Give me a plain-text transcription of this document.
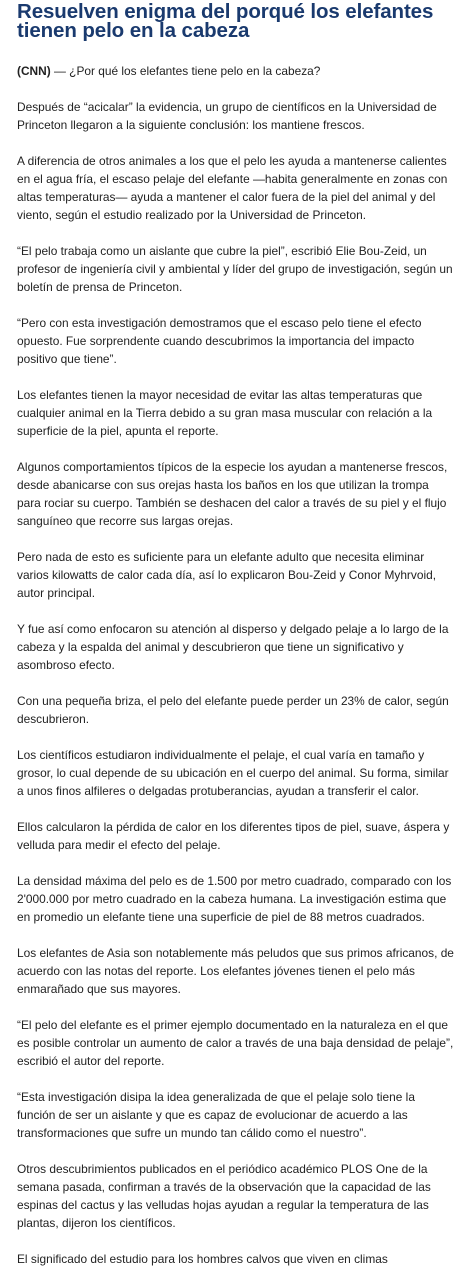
Resuelven enigma del porqué los elefantes tienen pelo en la cabeza

(CNN) — ¿Por qué los elefantes tiene pelo en la cabeza?

Después de “acicalar” la evidencia, un grupo de científicos en la Universidad de Princeton llegaron a la siguiente conclusión: los mantiene frescos.

A diferencia de otros animales a los que el pelo les ayuda a mantenerse calientes en el agua fría, el escaso pelaje del elefante —habita generalmente en zonas con altas temperaturas— ayuda a mantener el calor fuera de la piel del animal y del viento, según el estudio realizado por la Universidad de Princeton.

“El pelo trabaja como un aislante que cubre la piel”, escribió Elie Bou-Zeid, un profesor de ingeniería civil y ambiental y líder del grupo de investigación, según un boletín de prensa de Princeton.

“Pero con esta investigación demostramos que el escaso pelo tiene el efecto opuesto. Fue sorprendente cuando descubrimos la importancia del impacto positivo que tiene”.

Los elefantes tienen la mayor necesidad de evitar las altas temperaturas que cualquier animal en la Tierra debido a su gran masa muscular con relación a la superficie de la piel, apunta el reporte.

Algunos comportamientos típicos de la especie los ayudan a mantenerse frescos, desde abanicarse con sus orejas hasta los baños en los que utilizan la trompa para rociar su cuerpo. También se deshacen del calor a través de su piel y el flujo sanguíneo que recorre sus largas orejas.

Pero nada de esto es suficiente para un elefante adulto que necesita eliminar varios kilowatts de calor cada día, así lo explicaron Bou-Zeid y Conor Myhrvoid, autor principal.

Y fue así como enfocaron su atención al disperso y delgado pelaje a lo largo de la cabeza y la espalda del animal y descubrieron que tiene un significativo y asombroso efecto.

Con una pequeña briza, el pelo del elefante puede perder un 23% de calor, según descubrieron.

Los científicos estudiaron individualmente el pelaje, el cual varía en tamaño y grosor, lo cual depende de su ubicación en el cuerpo del animal. Su forma, similar a unos finos alfileres o delgadas protuberancias, ayudan a transferir el calor.

Ellos calcularon la pérdida de calor en los diferentes tipos de piel, suave, áspera y velluda para medir el efecto del pelaje.

La densidad máxima del pelo es de 1.500 por metro cuadrado, comparado con los 2'000.000 por metro cuadrado en la cabeza humana. La investigación estima que en promedio un elefante tiene una superficie de piel de 88 metros cuadrados.

Los elefantes de Asia son notablemente más peludos que sus primos africanos, de acuerdo con las notas del reporte. Los elefantes jóvenes tienen el pelo más enmarañado que sus mayores.

“El pelo del elefante es el primer ejemplo documentado en la naturaleza en el que es posible controlar un aumento de calor a través de una baja densidad de pelaje”, escribió el autor del reporte.

“Esta investigación disipa la idea generalizada de que el pelaje solo tiene la función de ser un aislante y que es capaz de evolucionar de acuerdo a las transformaciones que sufre un mundo tan cálido como el nuestro”.

Otros descubrimientos publicados en el periódico académico PLOS One de la semana pasada, confirman a través de la observación que la capacidad de las espinas del cactus y las velludas hojas ayudan a regular la temperatura de las plantas, dijeron los científicos.

El significado del estudio para los hombres calvos que viven en climas
